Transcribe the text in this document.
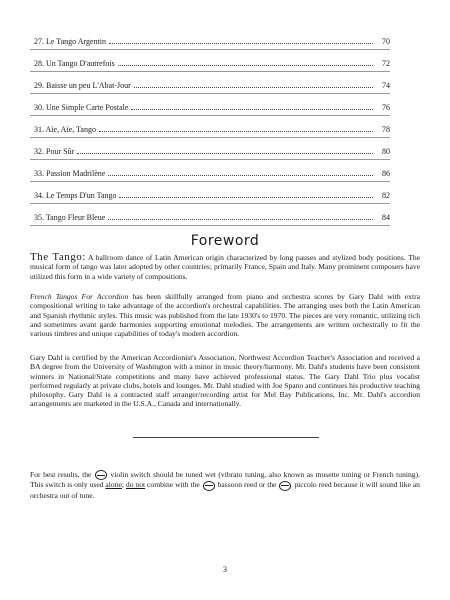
27. Le Tango Argentin	70
28. Un Tango D'autrefois	72
29. Baisse un peu L'Abat-Jour	74
30. Une Simple Carte Postale	76
31. Aïe, Aïe, Tango	78
32. Pour Sûr	80
33. Passion Madrilène	86
34. Le Temps D'un Tango	82
35. Tango Fleur Bleue	84
Foreword
The Tango: A ballroom dance of Latin American origin characterized by long pauses and stylized body positions. The musical form of tango was later adopted by other countries; primarily France, Spain and Italy. Many prominent composers have utilized this form in a wide variety of compositions.
French Tangos For Accordion has been skillfully arranged from piano and orchestra scores by Gary Dahl with extra compositional writing to take advantage of the accordion's orchestral capabilities. The arranging uses both the Latin American and Spanish rhythmic styles. This music was published from the late 1930's to 1970. The pieces are very romantic, utilizing rich and sometimes avant garde harmonies supporting emotional melodies. The arrangements are written orchestrally to fit the various timbres and unique capabilities of today's modern accordion.
Gary Dahl is certified by the American Accordionist's Association, Northwest Accordion Teacher's Association and received a BA degree from the University of Washington with a minor in music theory/harmony. Mr. Dahl's students have been consistent winners in National/State competitions and many have achieved professional status. The Gary Dahl Trio plus vocalist performed regularly at private clubs, hotels and lounges. Mr. Dahl studied with Joe Spano and continues his productive teaching philosophy. Gary Dahl is a contracted staff arranger/recording artist for Mel Bay Publications, Inc. Mr. Dahl's accordion arrangements are marketed in the U.S.A., Canada and internationally.
For best results, the  violin switch should be tuned wet (vibrato tuning, also known as musette tuning or French tuning). This switch is only used alone; do not combine with the  bassoon reed or the  piccolo reed because it will sound like an orchestra out of tune.
3
